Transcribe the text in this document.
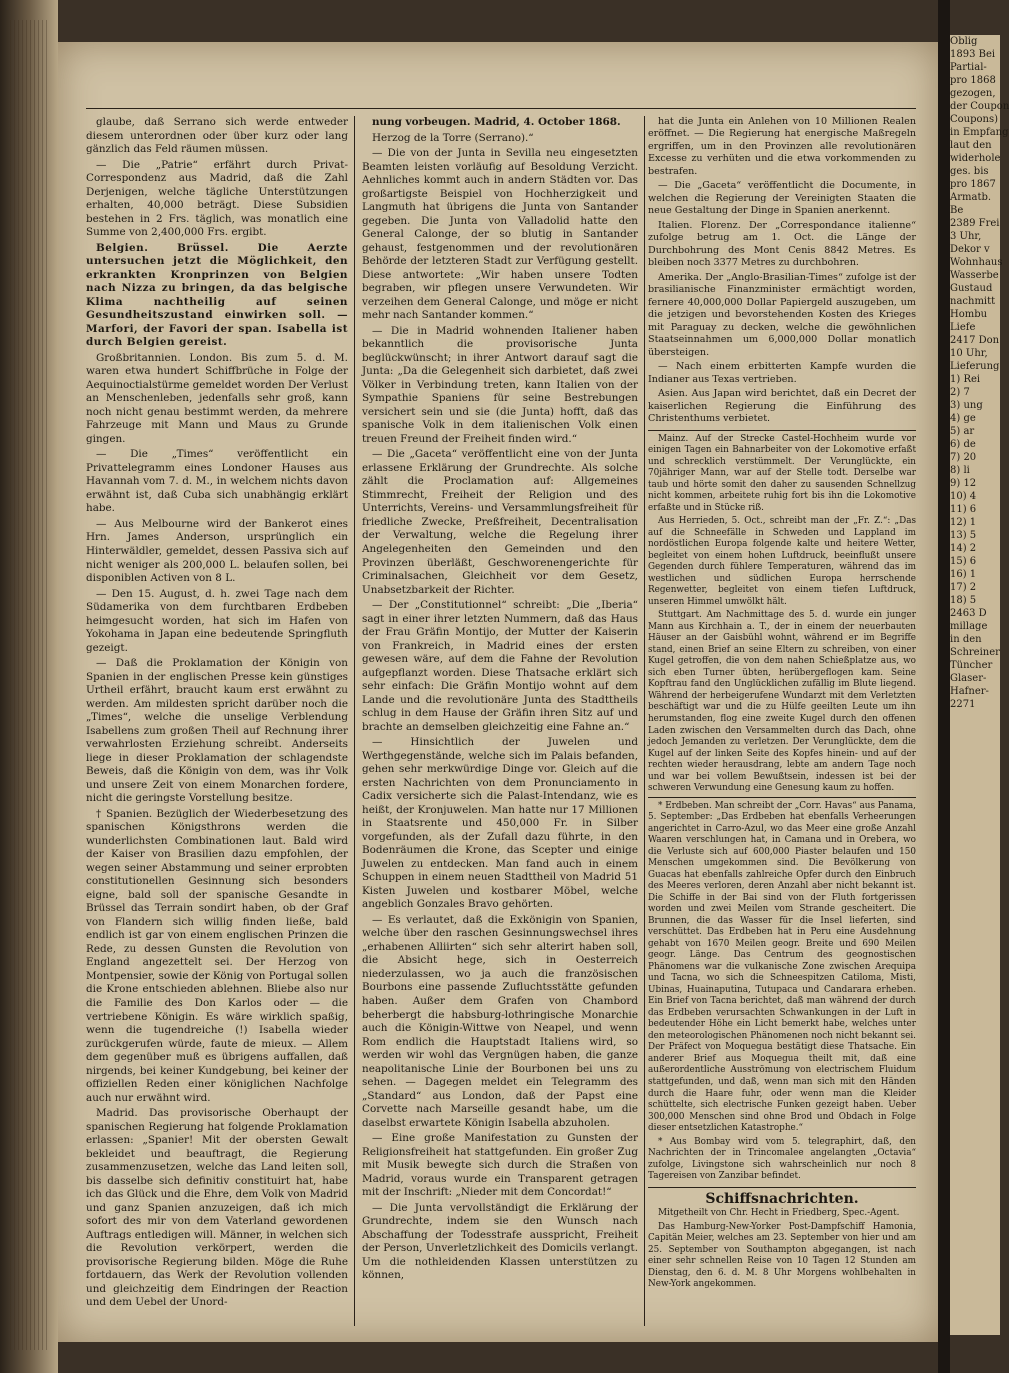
glaube, daß Serrano sich werde entweder diesem unterordnen oder über kurz oder lang gänzlich das Feld räumen müssen.

— Die „Patrie“ erfährt durch Privat-Correspondenz aus Madrid, daß die Zahl Derjenigen, welche tägliche Unterstützungen erhalten, 40,000 beträgt. Diese Subsidien bestehen in 2 Frs. täglich, was monatlich eine Summe von 2,400,000 Frs. ergibt.

Belgien. Brüssel. Die Aerzte untersuchen jetzt die Möglichkeit, den erkrankten Kronprinzen von Belgien nach Nizza zu bringen, da das belgische Klima nachtheilig auf seinen Gesundheitszustand einwirken soll. — Marfori, der Favori der span. Isabella ist durch Belgien gereist.

Großbritannien. London. Bis zum 5. d. M. waren etwa hundert Schiffbrüche in Folge der Aequinoctialstürme gemeldet worden Der Verlust an Menschenleben, jedenfalls sehr groß, kann noch nicht genau bestimmt werden, da mehrere Fahrzeuge mit Mann und Maus zu Grunde gingen.

— Die „Times“ veröffentlicht ein Privattelegramm eines Londoner Hauses aus Havannah vom 7. d. M., in welchem nichts davon erwähnt ist, daß Cuba sich unabhängig erklärt habe.

— Aus Melbourne wird der Bankerot eines Hrn. James Anderson, ursprünglich ein Hinterwäldler, gemeldet, dessen Passiva sich auf nicht weniger als 200,000 L. belaufen sollen, bei disponiblen Activen von 8 L.

— Den 15. August, d. h. zwei Tage nach dem Südamerika von dem furchtbaren Erdbeben heimgesucht worden, hat sich im Hafen von Yokohama in Japan eine bedeutende Springfluth gezeigt.

— Daß die Proklamation der Königin von Spanien in der englischen Presse kein günstiges Urtheil erfährt, braucht kaum erst erwähnt zu werden. Am mildesten spricht darüber noch die „Times“, welche die unselige Verblendung Isabellens zum großen Theil auf Rechnung ihrer verwahrlosten Erziehung schreibt. Anderseits liege in dieser Proklamation der schlagendste Beweis, daß die Königin von dem, was ihr Volk und unsere Zeit von einem Monarchen fordere, nicht die geringste Vorstellung besitze.

† Spanien. Bezüglich der Wiederbesetzung des spanischen Königsthrons werden die wunderlichsten Combinationen laut. Bald wird der Kaiser von Brasilien dazu empfohlen, der wegen seiner Abstammung und seiner erprobten constitutionellen Gesinnung sich besonders eigne, bald soll der spanische Gesandte in Brüssel das Terrain sondirt haben, ob der Graf von Flandern sich willig finden ließe, bald endlich ist gar von einem englischen Prinzen die Rede, zu dessen Gunsten die Revolution von England angezettelt sei. Der Herzog von Montpensier, sowie der König von Portugal sollen die Krone entschieden ablehnen. Bliebe also nur die Familie des Don Karlos oder — die vertriebene Königin. Es wäre wirklich spaßig, wenn die tugendreiche (!) Isabella wieder zurückgerufen würde, faute de mieux. — Allem dem gegenüber muß es übrigens auffallen, daß nirgends, bei keiner Kundgebung, bei keiner der offiziellen Reden einer königlichen Nachfolge auch nur erwähnt wird.

Madrid. Das provisorische Oberhaupt der spanischen Regierung hat folgende Proklamation erlassen: „Spanier! Mit der obersten Gewalt bekleidet und beauftragt, die Regierung zusammenzusetzen, welche das Land leiten soll, bis dasselbe sich definitiv constituirt hat, habe ich das Glück und die Ehre, dem Volk von Madrid und ganz Spanien anzuzeigen, daß ich mich sofort des mir von dem Vaterland gewordenen Auftrags entledigen will. Männer, in welchen sich die Revolution verkörpert, werden die provisorische Regierung bilden. Möge die Ruhe fortdauern, das Werk der Revolution vollenden und gleichzeitig dem Eindringen der Reaction und dem Uebel der Unord-

nung vorbeugen. Madrid, 4. October 1868.

Herzog de la Torre (Serrano).“

— Die von der Junta in Sevilla neu eingesetzten Beamten leisten vorläufig auf Besoldung Verzicht. Aehnliches kommt auch in andern Städten vor. Das großartigste Beispiel von Hochherzigkeit und Langmuth hat übrigens die Junta von Santander gegeben. Die Junta von Valladolid hatte den General Calonge, der so blutig in Santander gehaust, festgenommen und der revolutionären Behörde der letzteren Stadt zur Verfügung gestellt. Diese antwortete: „Wir haben unsere Todten begraben, wir pflegen unsere Verwundeten. Wir verzeihen dem General Calonge, und möge er nicht mehr nach Santander kommen.“

— Die in Madrid wohnenden Italiener haben bekanntlich die provisorische Junta beglückwünscht; in ihrer Antwort darauf sagt die Junta: „Da die Gelegenheit sich darbietet, daß zwei Völker in Verbindung treten, kann Italien von der Sympathie Spaniens für seine Bestrebungen versichert sein und sie (die Junta) hofft, daß das spanische Volk in dem italienischen Volk einen treuen Freund der Freiheit finden wird.“

— Die „Gaceta“ veröffentlicht eine von der Junta erlassene Erklärung der Grundrechte. Als solche zählt die Proclamation auf: Allgemeines Stimmrecht, Freiheit der Religion und des Unterrichts, Vereins- und Versammlungsfreiheit für friedliche Zwecke, Preßfreiheit, Decentralisation der Verwaltung, welche die Regelung ihrer Angelegenheiten den Gemeinden und den Provinzen überläßt, Geschworenengerichte für Criminalsachen, Gleichheit vor dem Gesetz, Unabsetzbarkeit der Richter.

— Der „Constitutionnel“ schreibt: „Die „Iberia“ sagt in einer ihrer letzten Nummern, daß das Haus der Frau Gräfin Montijo, der Mutter der Kaiserin von Frankreich, in Madrid eines der ersten gewesen wäre, auf dem die Fahne der Revolution aufgepflanzt worden. Diese Thatsache erklärt sich sehr einfach: Die Gräfin Montijo wohnt auf dem Lande und die revolutionäre Junta des Stadttheils schlug in dem Hause der Gräfin ihren Sitz auf und brachte an demselben gleichzeitig eine Fahne an.“

— Hinsichtlich der Juwelen und Werthgegenstände, welche sich im Palais befanden, gehen sehr merkwürdige Dinge vor. Gleich auf die ersten Nachrichten von dem Pronunciamento in Cadix versicherte sich die Palast-Intendanz, wie es heißt, der Kronjuwelen. Man hatte nur 17 Millionen in Staatsrente und 450,000 Fr. in Silber vorgefunden, als der Zufall dazu führte, in den Bodenräumen die Krone, das Scepter und einige Juwelen zu entdecken. Man fand auch in einem Schuppen in einem neuen Stadttheil von Madrid 51 Kisten Juwelen und kostbarer Möbel, welche angeblich Gonzales Bravo gehörten.

— Es verlautet, daß die Exkönigin von Spanien, welche über den raschen Gesinnungswechsel ihres „erhabenen Alliirten“ sich sehr alterirt haben soll, die Absicht hege, sich in Oesterreich niederzulassen, wo ja auch die französischen Bourbons eine passende Zufluchtsstätte gefunden haben. Außer dem Grafen von Chambord beherbergt die habsburg-lothringische Monarchie auch die Königin-Wittwe von Neapel, und wenn Rom endlich die Hauptstadt Italiens wird, so werden wir wohl das Vergnügen haben, die ganze neapolitanische Linie der Bourbonen bei uns zu sehen. — Dagegen meldet ein Telegramm des „Standard“ aus London, daß der Papst eine Corvette nach Marseille gesandt habe, um die daselbst erwartete Königin Isabella abzuholen.

— Eine große Manifestation zu Gunsten der Religionsfreiheit hat stattgefunden. Ein großer Zug mit Musik bewegte sich durch die Straßen von Madrid, voraus wurde ein Transparent getragen mit der Inschrift: „Nieder mit dem Concordat!“

— Die Junta vervollständigt die Erklärung der Grundrechte, indem sie den Wunsch nach Abschaffung der Todesstrafe ausspricht, Freiheit der Person, Unverletzlichkeit des Domicils verlangt. Um die nothleidenden Klassen unterstützen zu können,

hat die Junta ein Anlehen von 10 Millionen Realen eröffnet. — Die Regierung hat energische Maßregeln ergriffen, um in den Provinzen alle revolutionären Excesse zu verhüten und die etwa vorkommenden zu bestrafen.

— Die „Gaceta“ veröffentlicht die Documente, in welchen die Regierung der Vereinigten Staaten die neue Gestaltung der Dinge in Spanien anerkennt.

Italien. Florenz. Der „Correspondance italienne“ zufolge betrug am 1. Oct. die Länge der Durchbohrung des Mont Cenis 8842 Metres. Es bleiben noch 3377 Metres zu durchbohren.

Amerika. Der „Anglo-Brasilian-Times“ zufolge ist der brasilianische Finanzminister ermächtigt worden, fernere 40,000,000 Dollar Papiergeld auszugeben, um die jetzigen und bevorstehenden Kosten des Krieges mit Paraguay zu decken, welche die gewöhnlichen Staatseinnahmen um 6,000,000 Dollar monatlich übersteigen.

— Nach einem erbitterten Kampfe wurden die Indianer aus Texas vertrieben.

Asien. Aus Japan wird berichtet, daß ein Decret der kaiserlichen Regierung die Einführung des Christenthums verbietet.

Mainz. Auf der Strecke Castel-Hochheim wurde vor einigen Tagen ein Bahnarbeiter von der Lokomotive erfaßt und schrecklich verstümmelt. Der Verunglückte, ein 70jähriger Mann, war auf der Stelle todt. Derselbe war taub und hörte somit den daher zu sausenden Schnellzug nicht kommen, arbeitete ruhig fort bis ihn die Lokomotive erfaßte und in Stücke riß.

Aus Herrieden, 5. Oct., schreibt man der „Fr. Z.“: „Das auf die Schneefälle in Schweden und Lappland im nordöstlichen Europa folgende kalte und heitere Wetter, begleitet von einem hohen Luftdruck, beeinflußt unsere Gegenden durch fühlere Temperaturen, während das im westlichen und südlichen Europa herrschende Regenwetter, begleitet von einem tiefen Luftdruck, unseren Himmel umwölkt hält.

Stuttgart. Am Nachmittage des 5. d. wurde ein junger Mann aus Kirchhain a. T., der in einem der neuerbauten Häuser an der Gaisbühl wohnt, während er im Begriffe stand, einen Brief an seine Eltern zu schreiben, von einer Kugel getroffen, die von dem nahen Schießplatze aus, wo sich eben Turner übten, herübergeflogen kam. Seine Kopftrau fand den Unglücklichen zufällig im Blute liegend. Während der herbeigerufene Wundarzt mit dem Verletzten beschäftigt war und die zu Hülfe geeilten Leute um ihn herumstanden, flog eine zweite Kugel durch den offenen Laden zwischen den Versammelten durch das Dach, ohne jedoch Jemanden zu verletzen. Der Verunglückte, dem die Kugel auf der linken Seite des Kopfes hinein- und auf der rechten wieder herausdrang, lebte am andern Tage noch und war bei vollem Bewußtsein, indessen ist bei der schweren Verwundung eine Genesung kaum zu hoffen.

* Erdbeben. Man schreibt der „Corr. Havas“ aus Panama, 5. September: „Das Erdbeben hat ebenfalls Verheerungen angerichtet in Carro-Azul, wo das Meer eine große Anzahl Waaren verschlungen hat, in Camana und in Orebera, wo die Verluste sich auf 600,000 Piaster belaufen und 150 Menschen umgekommen sind. Die Bevölkerung von Guacas hat ebenfalls zahlreiche Opfer durch den Einbruch des Meeres verloren, deren Anzahl aber nicht bekannt ist. Die Schiffe in der Bai sind von der Fluth fortgerissen worden und zwei Meilen vom Strande gescheitert. Die Brunnen, die das Wasser für die Insel lieferten, sind verschüttet. Das Erdbeben hat in Peru eine Ausdehnung gehabt von 1670 Meilen geogr. Breite und 690 Meilen geogr. Länge. Das Centrum des geognostischen Phänomens war die vulkanische Zone zwischen Arequipa und Tacna, wo sich die Schneespitzen Catiloma, Misti, Ubinas, Huainaputina, Tutupaca und Candarara erheben. Ein Brief von Tacna berichtet, daß man während der durch das Erdbeben verursachten Schwankungen in der Luft in bedeutender Höhe ein Licht bemerkt habe, welches unter den meteorologischen Phänomenen noch nicht bekannt sei. Der Präfect von Moquegua bestätigt diese Thatsache. Ein anderer Brief aus Moquegua theilt mit, daß eine außerordentliche Ausströmung von electrischem Fluidum stattgefunden, und daß, wenn man sich mit den Händen durch die Haare fuhr, oder wenn man die Kleider schüttelte, sich electrische Funken gezeigt haben. Ueber 300,000 Menschen sind ohne Brod und Obdach in Folge dieser entsetzlichen Katastrophe.“

* Aus Bombay wird vom 5. telegraphirt, daß, den Nachrichten der in Trincomalee angelangten „Octavia“ zufolge, Livingstone sich wahrscheinlich nur noch 8 Tagereisen von Zanzibar befindet.

Schiffsnachrichten.

Mitgetheilt von Chr. Hecht in Friedberg, Spec.-Agent.

Das Hamburg-New-Yorker Post-Dampfschiff Hamonia, Capitän Meier, welches am 23. September von hier und am 25. September von Southampton abgegangen, ist nach einer sehr schnellen Reise von 10 Tagen 12 Stunden am Dienstag, den 6. d. M. 8 Uhr Morgens wohlbehalten in New-York angekommen.

Oblig

1893 Bei

Partial-

pro 1868

gezogen,

der Coupon

Coupons)

in Empfang

laut den

widerhole

ges. bis

pro 1867

Armatb.

Be

2389 Frei

3 Uhr,

Dekor v

Wohnhaus

Wasserbe

Gustaud

nachmitt

Hombu

Liefe

2417 Don

10 Uhr,

Lieferung

1) Rei

2) 7

3) ung

4) ge

5) ar

6) de

7) 20

8) li

9) 12

10) 4

11) 6

12) 1

13) 5

14) 2

15) 6

16) 1

17) 2

18) 5

2463 D

millage

in den

Schreiner

Tüncher

Glaser-

Hafner-

2271
